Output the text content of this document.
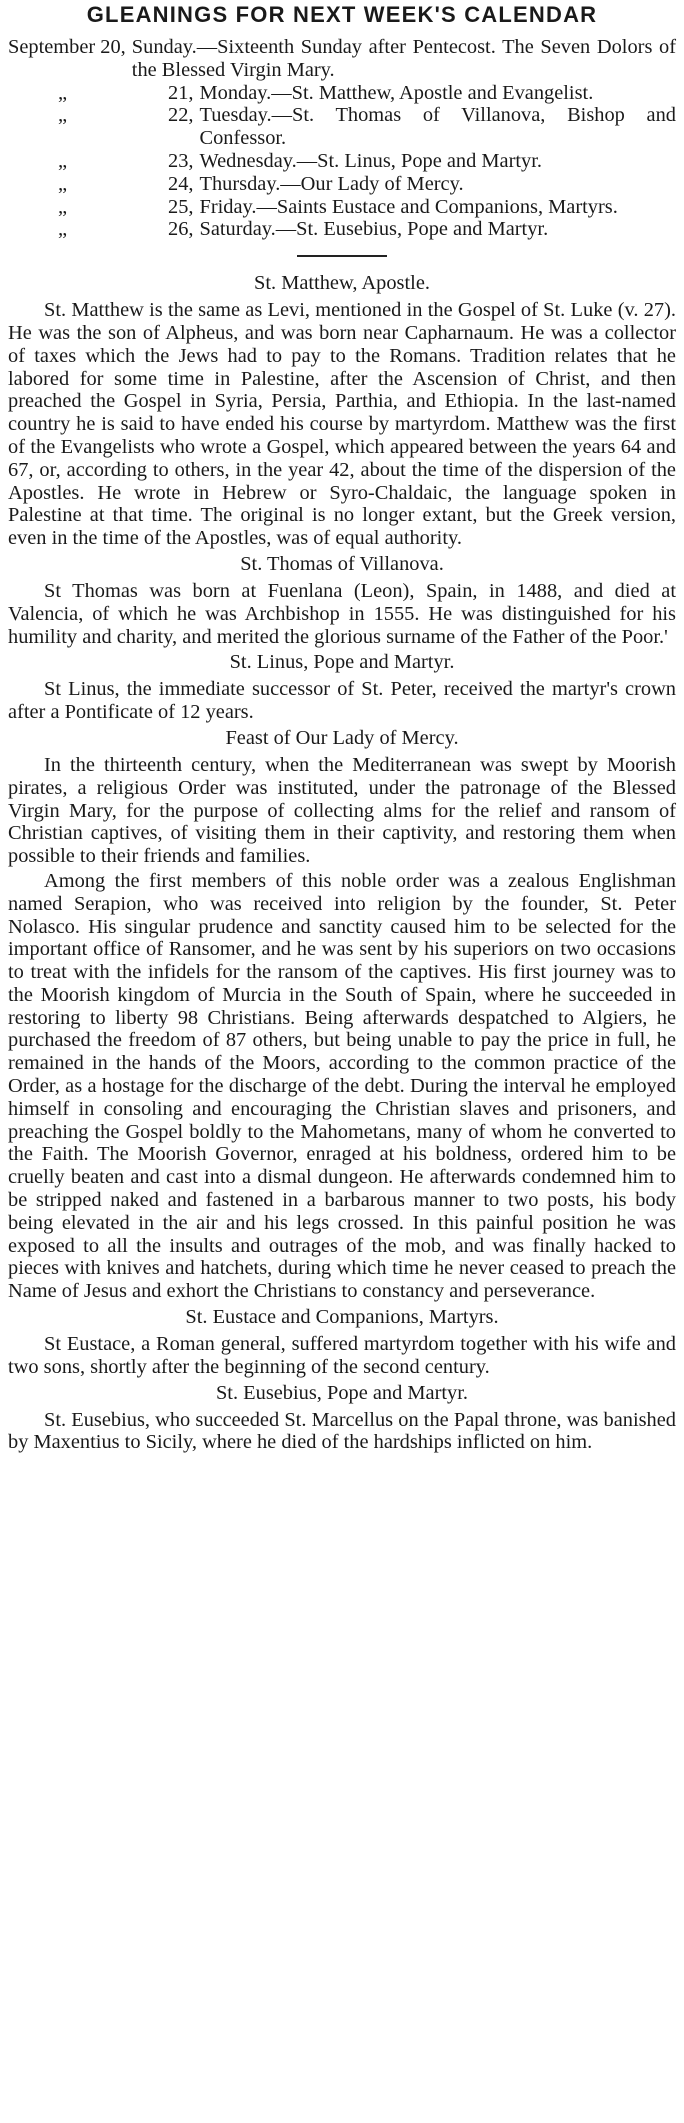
GLEANINGS FOR NEXT WEEK'S CALENDAR
September 20, Sunday.—Sixteenth Sunday after Pentecost. The Seven Dolors of the Blessed Virgin Mary.
„	21, Monday.—St. Matthew, Apostle and Evangelist.
„	22, Tuesday.—St. Thomas of Villanova, Bishop and Confessor.
„	23, Wednesday.—St. Linus, Pope and Martyr.
„	24, Thursday.—Our Lady of Mercy.
„	25, Friday.—Saints Eustace and Companions, Martyrs.
„	26, Saturday.—St. Eusebius, Pope and Martyr.
St. Matthew, Apostle.

St. Matthew is the same as Levi, mentioned in the Gospel of St. Luke (v. 27). He was the son of Alpheus, and was born near Capharnaum. He was a collector of taxes which the Jews had to pay to the Romans. Tradition relates that he labored for some time in Palestine, after the Ascension of Christ, and then preached the Gospel in Syria, Persia, Parthia, and Ethiopia. In the last-named country he is said to have ended his course by martyrdom. Matthew was the first of the Evangelists who wrote a Gospel, which appeared between the years 64 and 67, or, according to others, in the year 42, about the time of the dispersion of the Apostles. He wrote in Hebrew or Syro-Chaldaic, the language spoken in Palestine at that time. The original is no longer extant, but the Greek version, even in the time of the Apostles, was of equal authority.

St. Thomas of Villanova.

St Thomas was born at Fuenlana (Leon), Spain, in 1488, and died at Valencia, of which he was Archbishop in 1555. He was distinguished for his humility and charity, and merited the glorious surname of the Father of the Poor.'

St. Linus, Pope and Martyr.

St Linus, the immediate successor of St. Peter, received the martyr's crown after a Pontificate of 12 years.

Feast of Our Lady of Mercy.

In the thirteenth century, when the Mediterranean was swept by Moorish pirates, a religious Order was instituted, under the patronage of the Blessed Virgin Mary, for the purpose of collecting alms for the relief and ransom of Christian captives, of visiting them in their captivity, and restoring them when possible to their friends and families.

Among the first members of this noble order was a zealous Englishman named Serapion, who was received into religion by the founder, St. Peter Nolasco. His singular prudence and sanctity caused him to be selected for the important office of Ransomer, and he was sent by his superiors on two occasions to treat with the infidels for the ransom of the captives. His first journey was to the Moorish kingdom of Murcia in the South of Spain, where he succeeded in restoring to liberty 98 Christians. Being afterwards despatched to Algiers, he purchased the freedom of 87 others, but being unable to pay the price in full, he remained in the hands of the Moors, according to the common practice of the Order, as a hostage for the discharge of the debt. During the interval he employed himself in consoling and encouraging the Christian slaves and prisoners, and preaching the Gospel boldly to the Mahometans, many of whom he converted to the Faith. The Moorish Governor, enraged at his boldness, ordered him to be cruelly beaten and cast into a dismal dungeon. He afterwards condemned him to be stripped naked and fastened in a barbarous manner to two posts, his body being elevated in the air and his legs crossed. In this painful position he was exposed to all the insults and outrages of the mob, and was finally hacked to pieces with knives and hatchets, during which time he never ceased to preach the Name of Jesus and exhort the Christians to constancy and perseverance.

St. Eustace and Companions, Martyrs.

St Eustace, a Roman general, suffered martyrdom together with his wife and two sons, shortly after the beginning of the second century.

St. Eusebius, Pope and Martyr.

St. Eusebius, who succeeded St. Marcellus on the Papal throne, was banished by Maxentius to Sicily, where he died of the hardships inflicted on him.
